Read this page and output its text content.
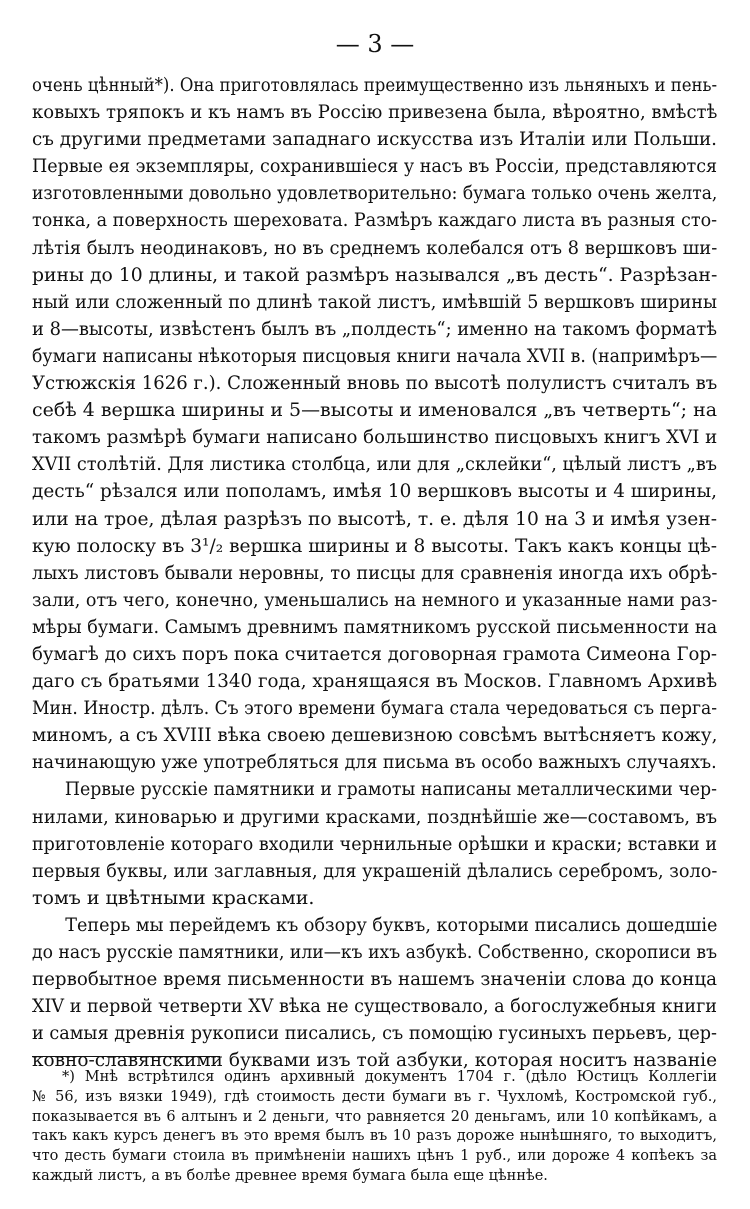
— 3 —

очень цѣнный*). Она приготовлялась преимущественно изъ льняныхъ и пень-

ковыхъ тряпокъ и къ намъ въ Россію привезена была, вѣроятно, вмѣстѣ

съ другими предметами западнаго искусства изъ Италіи или Польши.

Первые ея экземпляры, сохранившіеся у насъ въ Россіи, представляются

изготовленными довольно удовлетворительно: бумага только очень желта,

тонка, а поверхность шереховата. Размѣръ каждаго листа въ разныя сто-

лѣтія былъ неодинаковъ, но въ среднемъ колебался отъ 8 вершковъ ши-

рины до 10 длины, и такой размѣръ назывался „въ десть“. Разрѣзан-

ный или сложенный по длинѣ такой листъ, имѣвшій 5 вершковъ ширины

и 8—высоты, извѣстенъ былъ въ „полдесть“; именно на такомъ форматѣ

бумаги написаны нѣкоторыя писцовыя книги начала XVII в. (напримѣръ—

Устюжскія 1626 г.). Сложенный вновь по высотѣ полулистъ считалъ въ

себѣ 4 вершка ширины и 5—высоты и именовался „въ четверть“; на

такомъ размѣрѣ бумаги написано большинство писцовыхъ книгъ XVI и

XVII столѣтій. Для листика столбца, или для „склейки“, цѣлый листъ „въ

десть“ рѣзался или пополамъ, имѣя 10 вершковъ высоты и 4 ширины,

или на трое, дѣлая разрѣзъ по высотѣ, т. е. дѣля 10 на 3 и имѣя узен-

кую полоску въ 3¹/₂ вершка ширины и 8 высоты. Такъ какъ концы цѣ-

лыхъ листовъ бывали неровны, то писцы для сравненія иногда ихъ обрѣ-

зали, отъ чего, конечно, уменьшались на немного и указанные нами раз-

мѣры бумаги. Самымъ древнимъ памятникомъ русской письменности на

бумагѣ до сихъ поръ пока считается договорная грамота Симеона Гор-

даго съ братьями 1340 года, хранящаяся въ Москов. Главномъ Архивѣ

Мин. Иностр. дѣлъ. Съ этого времени бумага стала чередоваться съ перга-

миномъ, а съ XVIII вѣка своею дешевизною совсѣмъ вытѣсняетъ кожу,

начинающую уже употребляться для письма въ особо важныхъ случаяхъ.

Первые русскіе памятники и грамоты написаны металлическими чер-

нилами, киноварью и другими красками, позднѣйшіе же—составомъ, въ

приготовленіе котораго входили чернильные орѣшки и краски; вставки и

первыя буквы, или заглавныя, для украшеній дѣлались серебромъ, золо-

томъ и цвѣтными красками.

Теперь мы перейдемъ къ обзору буквъ, которыми писались дошедшіе

до насъ русскіе памятники, или—къ ихъ азбукѣ. Собственно, скорописи въ

первобытное время письменности въ нашемъ значеніи слова до конца

XIV и первой четверти XV вѣка не существовало, а богослужебныя книги

и самыя древнія рукописи писались, съ помощію гусиныхъ перьевъ, цер-

ковно-славянскими буквами изъ той азбуки, которая носитъ названіе

*) Мнѣ встрѣтился одинъ архивный документъ 1704 г. (дѣло Юстицъ Коллегіи

№ 56, изъ вязки 1949), гдѣ стоимость дести бумаги въ г. Чухломѣ, Костромской губ.,

показывается въ 6 алтынъ и 2 деньги, что равняется 20 деньгамъ, или 10 копѣйкамъ, а

такъ какъ курсъ денегъ въ это время былъ въ 10 разъ дороже нынѣшняго, то выходитъ,

что десть бумаги стоила въ примѣненіи нашихъ цѣнъ 1 руб., или дороже 4 копѣекъ за

каждый листъ, а въ болѣе древнее время бумага была еще цѣннѣе.
